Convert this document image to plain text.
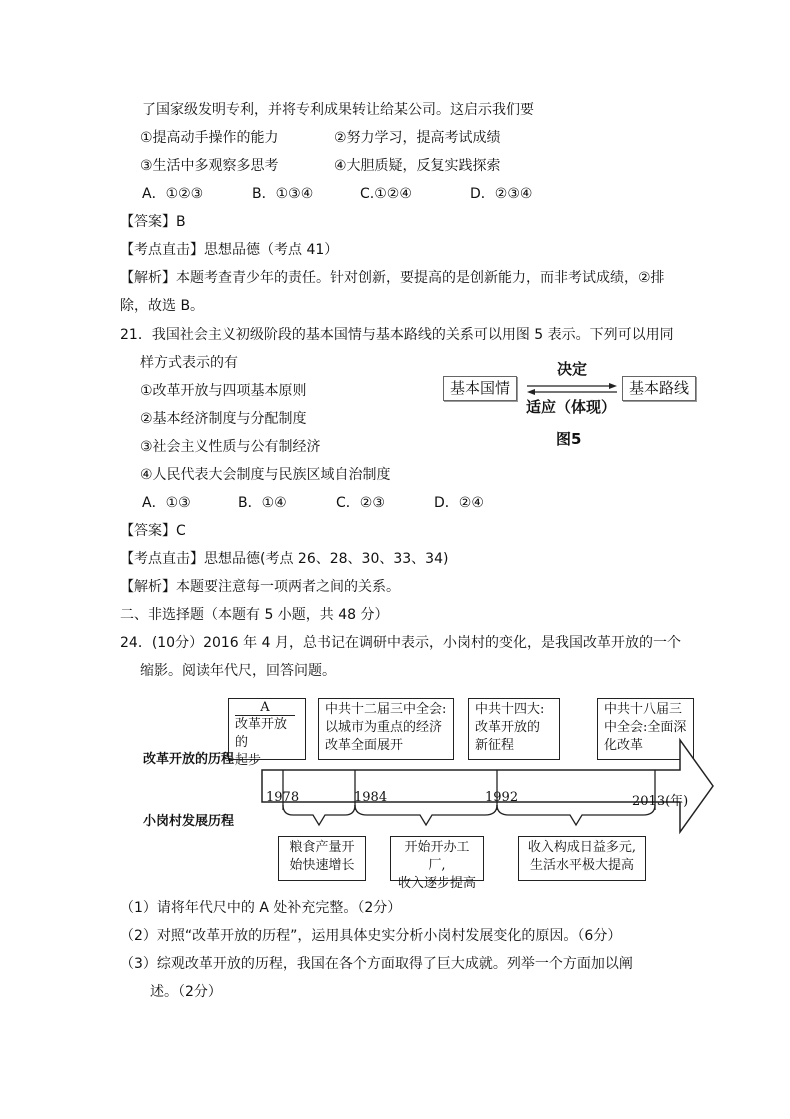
了国家级发明专利，并将专利成果转让给某公司。这启示我们要
①提高动手操作的能力	②努力学习，提高考试成绩
③生活中多观察多思考	④大胆质疑，反复实践探索
A．①②③	B．①③④	C.①②④	D．②③④
【答案】B
【考点直击】思想品德（考点 41）
【解析】本题考查青少年的责任。针对创新，要提高的是创新能力，而非考试成绩，②排
除，故选 B。
21．我国社会主义初级阶段的基本国情与基本路线的关系可以用图 5 表示。下列可以用同
样方式表示的有
①改革开放与四项基本原则
②基本经济制度与分配制度
③社会主义性质与公有制经济
④人民代表大会制度与民族区域自治制度
A．①③	B．①④	C．②③	D．②④
决定
基本国情	基本路线
适应（体现）
图5
【答案】C
【考点直击】思想品德(考点 26、28、30、33、34)
【解析】本题要注意每一项两者之间的关系。
二、非选择题（本题有 5 小题，共 48 分）
24．(10分）2016 年 4 月，总书记在调研中表示，小岗村的变化，是我国改革开放的一个
缩影。阅读年代尺，回答问题。
A
改革开放的
起步
中共十二届三中全会:
以城市为重点的经济
改革全面展开
中共十四大:
改革开放的
新征程
中共十八届三
中全会:全面深
化改革
改革开放的历程
小岗村发展历程
1978	1984	1992	2013(年)
粮食产量开
始快速增长
开始开办工厂,
收入逐步提高
收入构成日益多元,
生活水平极大提高
（1）请将年代尺中的 A 处补充完整。（2分）
（2）对照“改革开放的历程”，运用具体史实分析小岗村发展变化的原因。（6分）
（3）综观改革开放的历程，我国在各个方面取得了巨大成就。列举一个方面加以阐
述。（2分）
